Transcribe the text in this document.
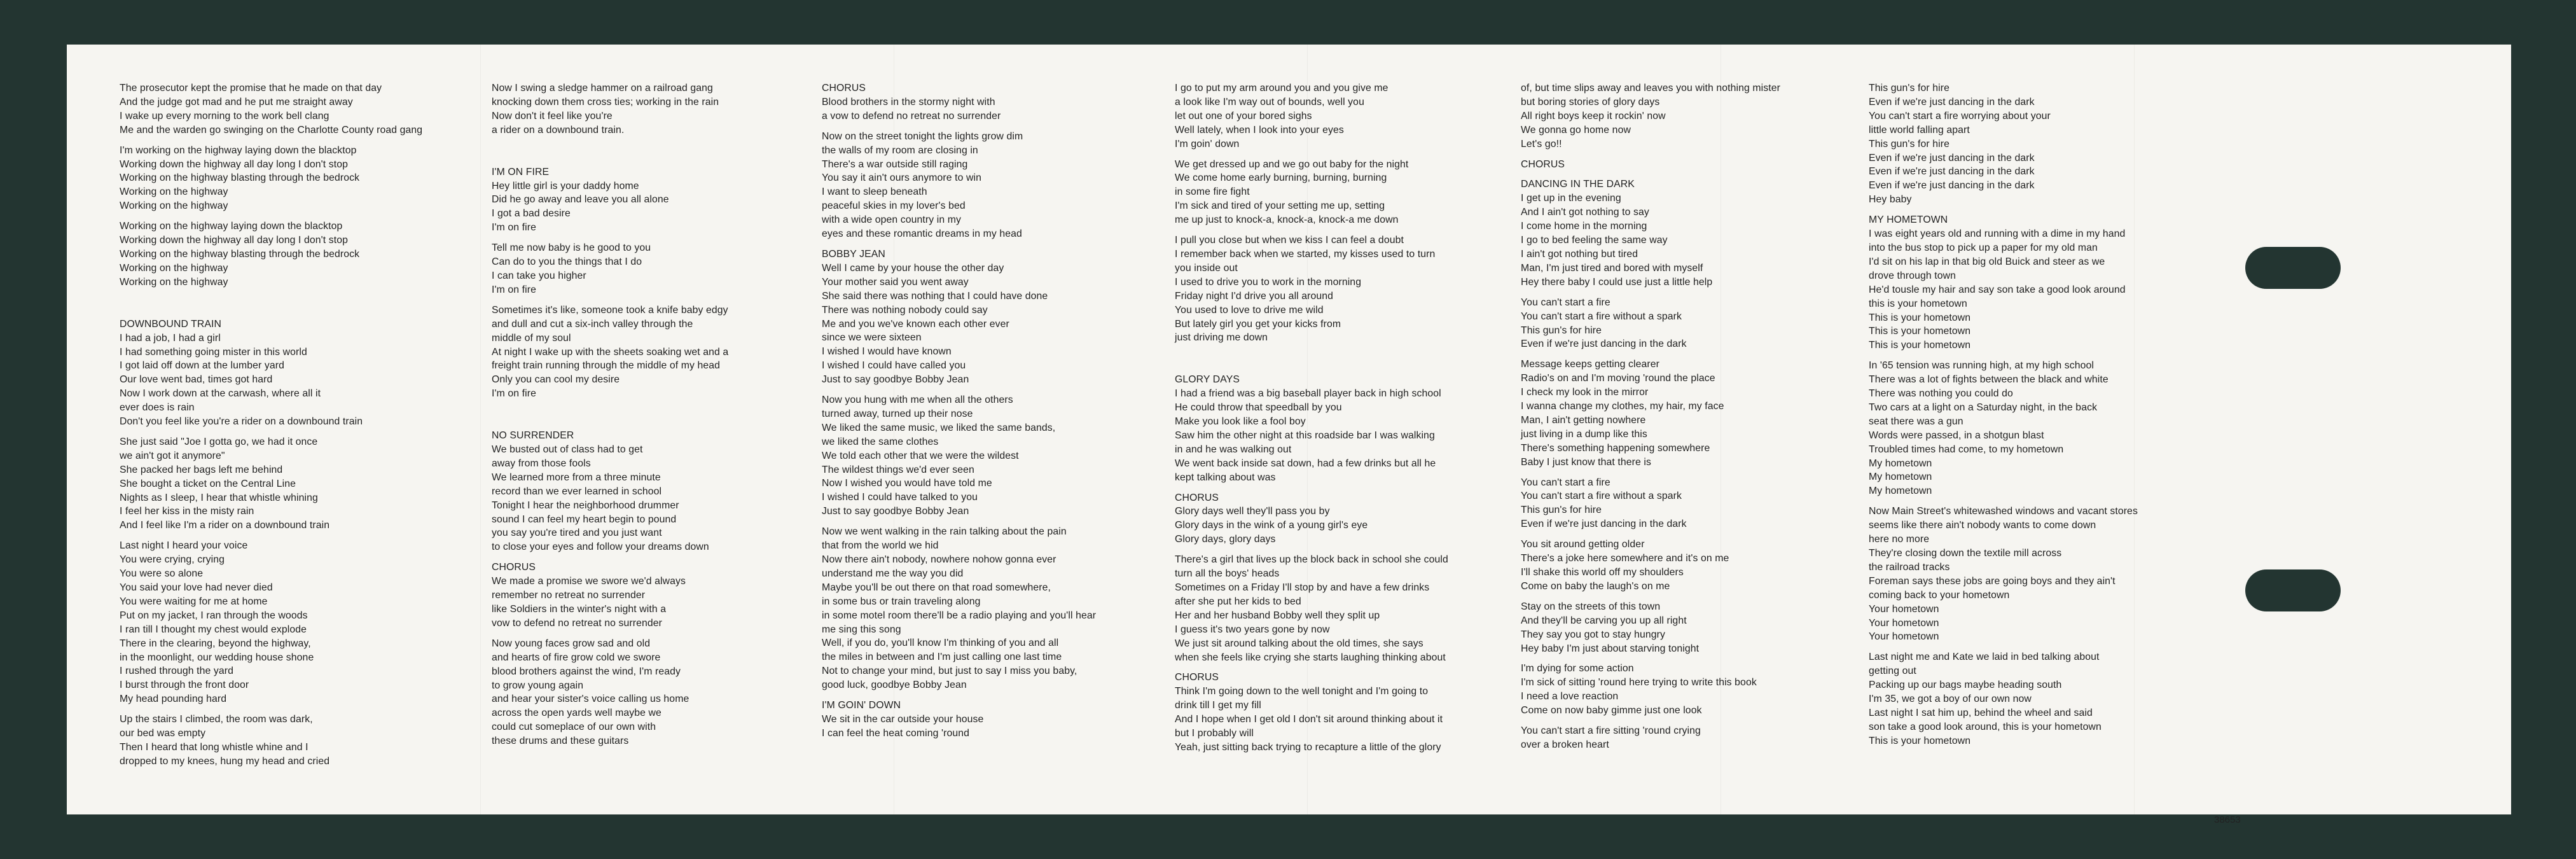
The prosecutor kept the promise that he made on that day
And the judge got mad and he put me straight away
I wake up every morning to the work bell clang
Me and the warden go swinging on the Charlotte County road gang
I'm working on the highway laying down the blacktop
Working down the highway all day long I don't stop
Working on the highway blasting through the bedrock
Working on the highway
Working on the highway
Working on the highway laying down the blacktop
Working down the highway all day long I don't stop
Working on the highway blasting through the bedrock
Working on the highway
Working on the highway
DOWNBOUND TRAIN
I had a job, I had a girl
I had something going mister in this world
I got laid off down at the lumber yard
Our love went bad, times got hard
Now I work down at the carwash, where all it
ever does is rain
Don't you feel like you're a rider on a downbound train
She just said "Joe I gotta go, we had it once
we ain't got it anymore"
She packed her bags left me behind
She bought a ticket on the Central Line
Nights as I sleep, I hear that whistle whining
I feel her kiss in the misty rain
And I feel like I'm a rider on a downbound train
Last night I heard your voice
You were crying, crying
You were so alone
You said your love had never died
You were waiting for me at home
Put on my jacket, I ran through the woods
I ran till I thought my chest would explode
There in the clearing, beyond the highway,
in the moonlight, our wedding house shone
I rushed through the yard
I burst through the front door
My head pounding hard
Up the stairs I climbed, the room was dark,
our bed was empty
Then I heard that long whistle whine and I
dropped to my knees, hung my head and cried
Now I swing a sledge hammer on a railroad gang
knocking down them cross ties; working in the rain
Now don't it feel like you're
a rider on a downbound train.
I'M ON FIRE
Hey little girl is your daddy home
Did he go away and leave you all alone
I got a bad desire
I'm on fire
Tell me now baby is he good to you
Can do to you the things that I do
I can take you higher
I'm on fire
Sometimes it's like, someone took a knife baby edgy
and dull and cut a six-inch valley through the
middle of my soul
At night I wake up with the sheets soaking wet and a
freight train running through the middle of my head
Only you can cool my desire
I'm on fire
NO SURRENDER
We busted out of class had to get
away from those fools
We learned more from a three minute
record than we ever learned in school
Tonight I hear the neighborhood drummer
sound I can feel my heart begin to pound
you say you're tired and you just want
to close your eyes and follow your dreams down
CHORUS
We made a promise we swore we'd always
remember no retreat no surrender
like Soldiers in the winter's night with a
vow to defend no retreat no surrender
Now young faces grow sad and old
and hearts of fire grow cold we swore
blood brothers against the wind, I'm ready
to grow young again
and hear your sister's voice calling us home
across the open yards well maybe we
could cut someplace of our own with
these drums and these guitars
CHORUS
Blood brothers in the stormy night with
a vow to defend no retreat no surrender
Now on the street tonight the lights grow dim
the walls of my room are closing in
There's a war outside still raging
You say it ain't ours anymore to win
I want to sleep beneath
peaceful skies in my lover's bed
with a wide open country in my
eyes and these romantic dreams in my head
BOBBY JEAN
Well I came by your house the other day
Your mother said you went away
She said there was nothing that I could have done
There was nothing nobody could say
Me and you we've known each other ever
since we were sixteen
I wished I would have known
I wished I could have called you
Just to say goodbye Bobby Jean
Now you hung with me when all the others
turned away, turned up their nose
We liked the same music, we liked the same bands,
we liked the same clothes
We told each other that we were the wildest
The wildest things we'd ever seen
Now I wished you would have told me
I wished I could have talked to you
Just to say goodbye Bobby Jean
Now we went walking in the rain talking about the pain
that from the world we hid
Now there ain't nobody, nowhere nohow gonna ever
understand me the way you did
Maybe you'll be out there on that road somewhere,
in some bus or train traveling along
in some motel room there'll be a radio playing and you'll hear
me sing this song
Well, if you do, you'll know I'm thinking of you and all
the miles in between and I'm just calling one last time
Not to change your mind, but just to say I miss you baby,
good luck, goodbye Bobby Jean
I'M GOIN' DOWN
We sit in the car outside your house
I can feel the heat coming 'round
I go to put my arm around you and you give me
a look like I'm way out of bounds, well you
let out one of your bored sighs
Well lately, when I look into your eyes
I'm goin' down
We get dressed up and we go out baby for the night
We come home early burning, burning, burning
in some fire fight
I'm sick and tired of your setting me up, setting
me up just to knock-a, knock-a, knock-a me down
I pull you close but when we kiss I can feel a doubt
I remember back when we started, my kisses used to turn
you inside out
I used to drive you to work in the morning
Friday night I'd drive you all around
You used to love to drive me wild
But lately girl you get your kicks from
just driving me down
GLORY DAYS
I had a friend was a big baseball player back in high school
He could throw that speedball by you
Make you look like a fool boy
Saw him the other night at this roadside bar I was walking
in and he was walking out
We went back inside sat down, had a few drinks but all he
kept talking about was
CHORUS
Glory days well they'll pass you by
Glory days in the wink of a young girl's eye
Glory days, glory days
There's a girl that lives up the block back in school she could
turn all the boys' heads
Sometimes on a Friday I'll stop by and have a few drinks
after she put her kids to bed
Her and her husband Bobby well they split up
I guess it's two years gone by now
We just sit around talking about the old times, she says
when she feels like crying she starts laughing thinking about
CHORUS
Think I'm going down to the well tonight and I'm going to
drink till I get my fill
And I hope when I get old I don't sit around thinking about it
but I probably will
Yeah, just sitting back trying to recapture a little of the glory
of, but time slips away and leaves you with nothing mister
but boring stories of glory days
All right boys keep it rockin' now
We gonna go home now
Let's go!!
CHORUS
DANCING IN THE DARK
I get up in the evening
And I ain't got nothing to say
I come home in the morning
I go to bed feeling the same way
I ain't got nothing but tired
Man, I'm just tired and bored with myself
Hey there baby I could use just a little help
You can't start a fire
You can't start a fire without a spark
This gun's for hire
Even if we're just dancing in the dark
Message keeps getting clearer
Radio's on and I'm moving 'round the place
I check my look in the mirror
I wanna change my clothes, my hair, my face
Man, I ain't getting nowhere
just living in a dump like this
There's something happening somewhere
Baby I just know that there is
You can't start a fire
You can't start a fire without a spark
This gun's for hire
Even if we're just dancing in the dark
You sit around getting older
There's a joke here somewhere and it's on me
I'll shake this world off my shoulders
Come on baby the laugh's on me
Stay on the streets of this town
And they'll be carving you up all right
They say you got to stay hungry
Hey baby I'm just about starving tonight
I'm dying for some action
I'm sick of sitting 'round here trying to write this book
I need a love reaction
Come on now baby gimme just one look
You can't start a fire sitting 'round crying
over a broken heart
This gun's for hire
Even if we're just dancing in the dark
You can't start a fire worrying about your
little world falling apart
This gun's for hire
Even if we're just dancing in the dark
Even if we're just dancing in the dark
Even if we're just dancing in the dark
Hey baby
MY HOMETOWN
I was eight years old and running with a dime in my hand
into the bus stop to pick up a paper for my old man
I'd sit on his lap in that big old Buick and steer as we
drove through town
He'd tousle my hair and say son take a good look around
this is your hometown
This is your hometown
This is your hometown
This is your hometown
In '65 tension was running high, at my high school
There was a lot of fights between the black and white
There was nothing you could do
Two cars at a light on a Saturday night, in the back
seat there was a gun
Words were passed, in a shotgun blast
Troubled times had come, to my hometown
My hometown
My hometown
My hometown
Now Main Street's whitewashed windows and vacant stores
seems like there ain't nobody wants to come down
here no more
They're closing down the textile mill across
the railroad tracks
Foreman says these jobs are going boys and they ain't
coming back to your hometown
Your hometown
Your hometown
Your hometown
Last night me and Kate we laid in bed talking about
getting out
Packing up our bags maybe heading south
I'm 35, we got a boy of our own now
Last night I sat him up, behind the wheel and said
son take a good look around, this is your hometown
This is your hometown
38653
